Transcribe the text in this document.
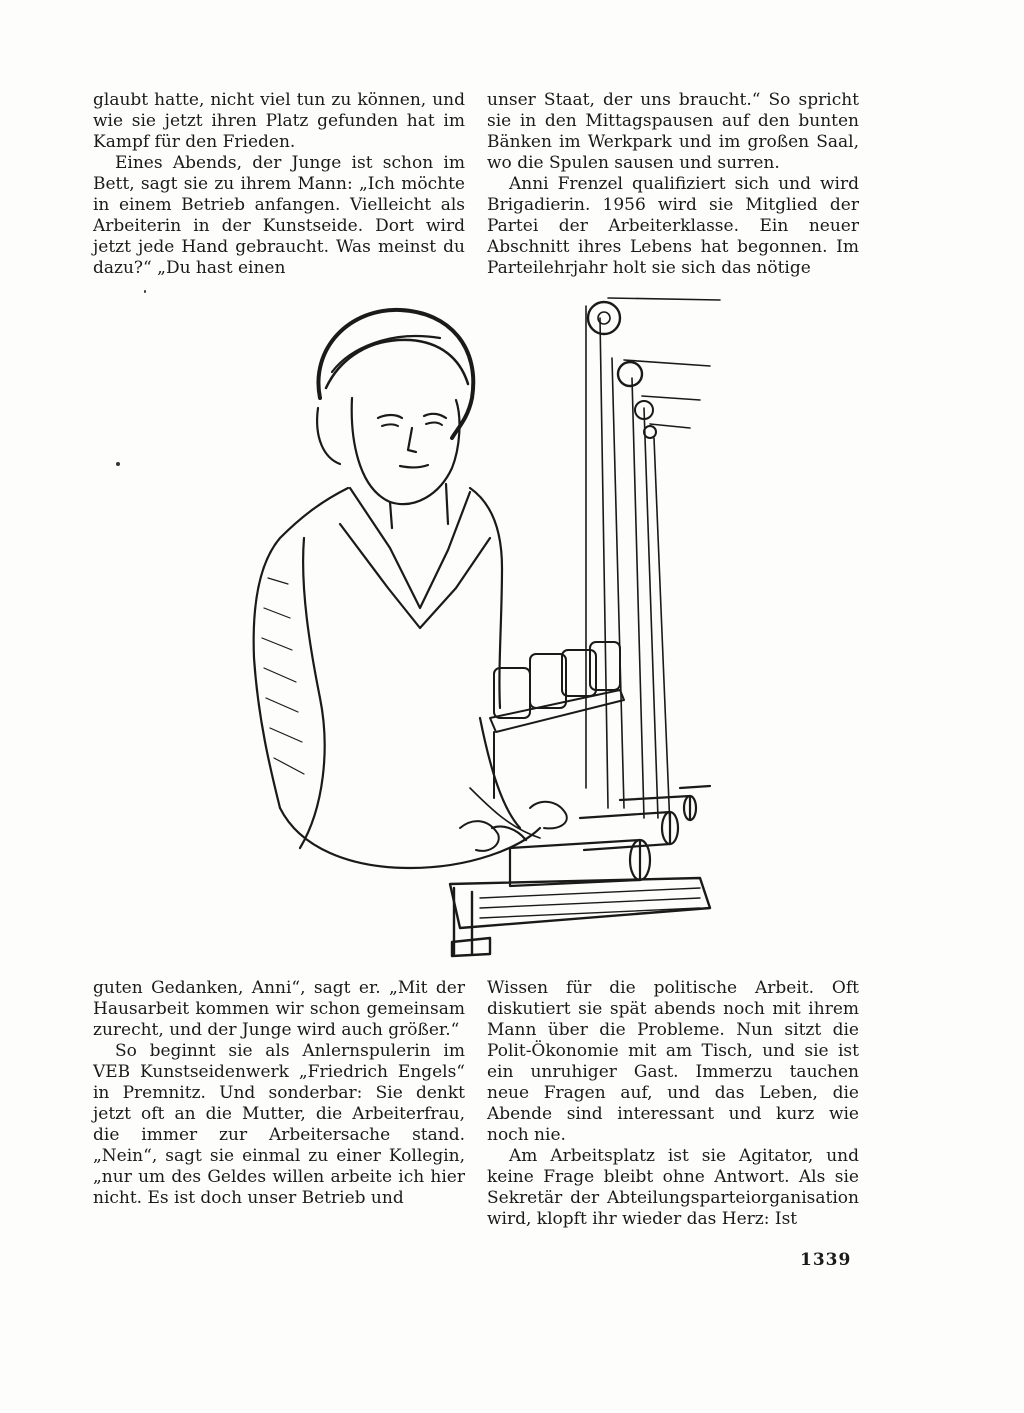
glaubt hatte, nicht viel tun zu können, und wie sie jetzt ihren Platz gefunden hat im Kampf für den Frieden.

Eines Abends, der Junge ist schon im Bett, sagt sie zu ihrem Mann: „Ich möchte in einem Betrieb anfangen. Vielleicht als Arbeiterin in der Kunstseide. Dort wird jetzt jede Hand gebraucht. Was meinst du dazu?“ „Du hast einen

unser Staat, der uns braucht.“ So spricht sie in den Mittagspausen auf den bunten Bänken im Werkpark und im großen Saal, wo die Spulen sausen und surren.

Anni Frenzel qualifiziert sich und wird Brigadierin. 1956 wird sie Mitglied der Partei der Arbeiterklasse. Ein neuer Abschnitt ihres Lebens hat begonnen. Im Parteilehrjahr holt sie sich das nötige

guten Gedanken, Anni“, sagt er. „Mit der Hausarbeit kommen wir schon gemeinsam zurecht, und der Junge wird auch größer.“

So beginnt sie als Anlernspulerin im VEB Kunstseidenwerk „Friedrich Engels“ in Premnitz. Und sonderbar: Sie denkt jetzt oft an die Mutter, die Arbeiterfrau, die immer zur Arbeitersache stand. „Nein“, sagt sie einmal zu einer Kollegin, „nur um des Geldes willen arbeite ich hier nicht. Es ist doch unser Betrieb und

Wissen für die politische Arbeit. Oft diskutiert sie spät abends noch mit ihrem Mann über die Probleme. Nun sitzt die Polit-Ökonomie mit am Tisch, und sie ist ein unruhiger Gast. Immerzu tauchen neue Fragen auf, und das Leben, die Abende sind interessant und kurz wie noch nie.

Am Arbeitsplatz ist sie Agitator, und keine Frage bleibt ohne Antwort. Als sie Sekretär der Abteilungsparteiorganisation wird, klopft ihr wieder das Herz: Ist

1339
